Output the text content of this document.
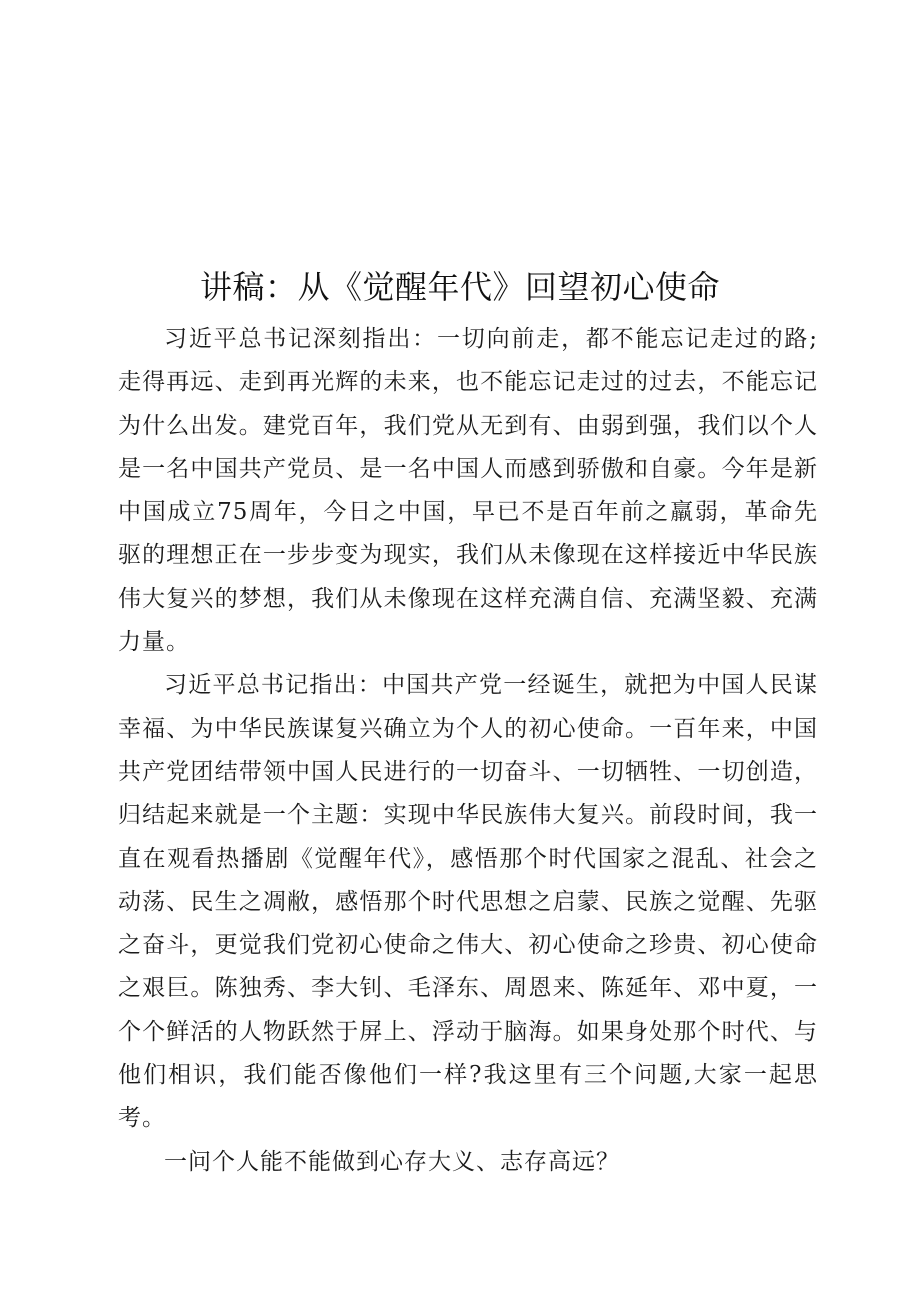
讲稿：从《觉醒年代》回望初心使命

习近平总书记深刻指出：一切向前走，都不能忘记走过的路;走得再远、走到再光辉的未来，也不能忘记走过的过去，不能忘记为什么出发。建党百年，我们党从无到有、由弱到强，我们以个人是一名中国共产党员、是一名中国人而感到骄傲和自豪。今年是新中国成立75周年，今日之中国，早已不是百年前之羸弱，革命先驱的理想正在一步步变为现实，我们从未像现在这样接近中华民族伟大复兴的梦想，我们从未像现在这样充满自信、充满坚毅、充满力量。

习近平总书记指出：中国共产党一经诞生，就把为中国人民谋幸福、为中华民族谋复兴确立为个人的初心使命。一百年来，中国共产党团结带领中国人民进行的一切奋斗、一切牺牲、一切创造，归结起来就是一个主题：实现中华民族伟大复兴。前段时间，我一直在观看热播剧《觉醒年代》，感悟那个时代国家之混乱、社会之动荡、民生之凋敝，感悟那个时代思想之启蒙、民族之觉醒、先驱之奋斗，更觉我们党初心使命之伟大、初心使命之珍贵、初心使命之艰巨。陈独秀、李大钊、毛泽东、周恩来、陈延年、邓中夏，一个个鲜活的人物跃然于屏上、浮动于脑海。如果身处那个时代、与他们相识，我们能否像他们一样?我这里有三个问题,大家一起思考。

一问个人能不能做到心存大义、志存高远？
